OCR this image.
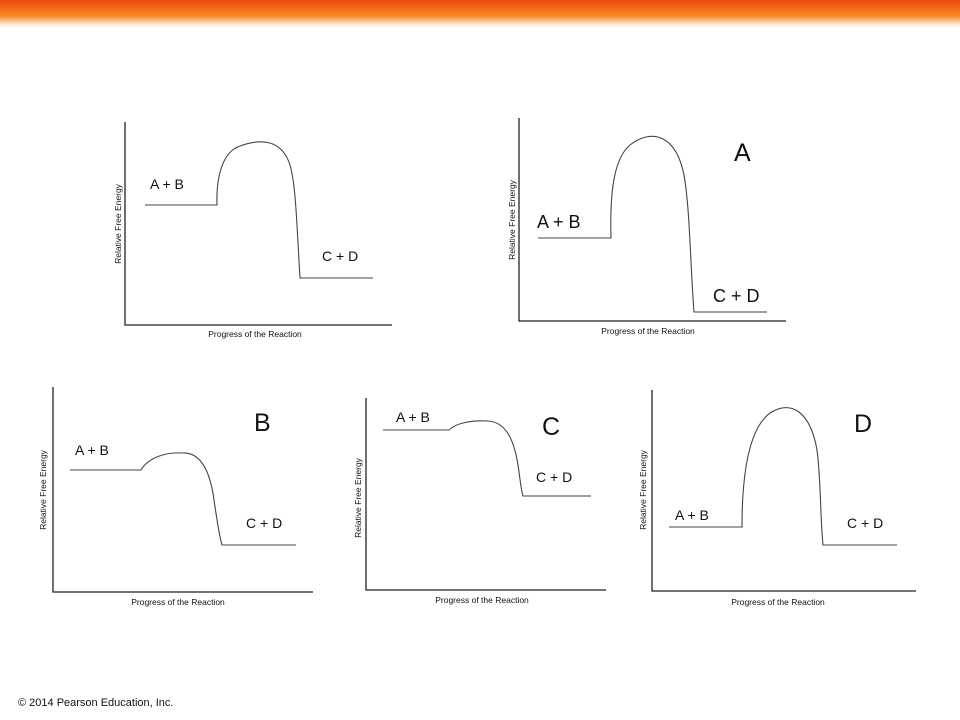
Relative Free Energy
Progress of the Reaction
A + B
C + D	Relative Free Energy
Progress of the Reaction
A + B
C + D
A
Relative Free Energy
Progress of the Reaction
A + B
C + D
B
Relative Free Energy
Progress of the Reaction
A + B
C + D
C
Relative Free Energy
Progress of the Reaction
A + B	C + D
D
© 2014 Pearson Education, Inc.
